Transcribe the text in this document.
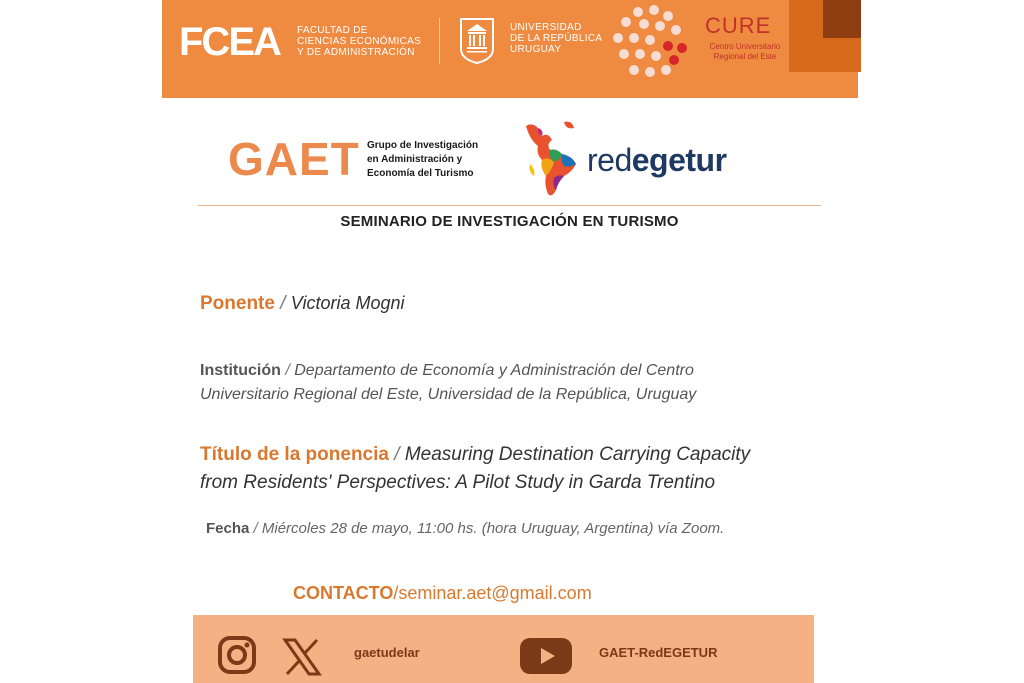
FCEA FACULTAD DE
CIENCIAS ECONÓMICAS
Y DE ADMINISTRACIÓN
UNIVERSIDAD
DE LA REPÚBLICA
URUGUAY
CURE
Centro Universitario
Regional del Este
GAET Grupo de Investigación
en Administración y
Economía del Turismo	redegetur
SEMINARIO DE INVESTIGACIÓN EN TURISMO
Ponente / Victoria Mogni
Institución / Departamento de Economía y Administración del Centro
Universitario Regional del Este, Universidad de la República, Uruguay
Título de la ponencia / Measuring Destination Carrying Capacity
from Residents' Perspectives: A Pilot Study in Garda Trentino
Fecha / Miércoles 28 de mayo, 11:00 hs. (hora Uruguay, Argentina) vía Zoom.
CONTACTO/seminar.aet@gmail.com
gaetudelar	GAET-RedEGETUR
